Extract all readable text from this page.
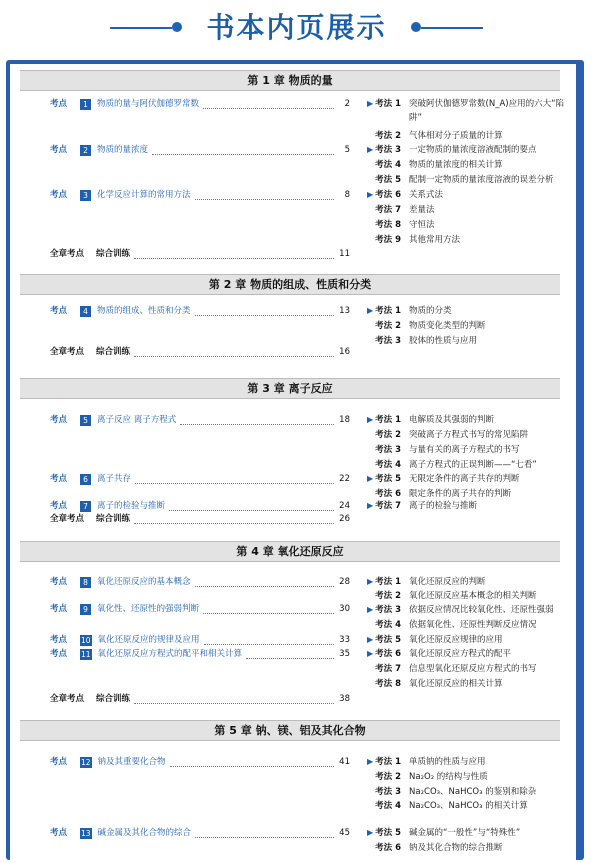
书本内页展示
第 1 章 物质的量
考点	1	物质的量与阿伏伽德罗常数	2
考点	2	物质的量浓度	5
考点	3	化学反应计算的常用方法	8
全章考点 综合训练	11
▶ 考法 1 突破阿伏伽德罗常数(N_A)应用的六大“陷阱”
考法 2 气体相对分子质量的计算
▶ 考法 3 一定物质的量浓度溶液配制的要点
考法 4 物质的量浓度的相关计算
考法 5 配制一定物质的量浓度溶液的误差分析
▶ 考法 6 关系式法
考法 7 差量法
考法 8 守恒法
考法 9 其他常用方法
第 2 章 物质的组成、性质和分类
考点	4	物质的组成、性质和分类	13
全章考点 综合训练	16
▶ 考法 1 物质的分类
考法 2 物质变化类型的判断
考法 3 胶体的性质与应用
第 3 章 离子反应
考点	5	离子反应 离子方程式	18
考点	6	离子共存	22
考点	7	离子的检验与推断	24
全章考点 综合训练	26
▶ 考法 1 电解质及其强弱的判断
考法 2 突破离子方程式书写的常见陷阱
考法 3 与量有关的离子方程式的书写
考法 4 离子方程式的正误判断——“七看”
▶ 考法 5 无限定条件的离子共存的判断
考法 6 限定条件的离子共存的判断
▶ 考法 7 离子的检验与推断
第 4 章 氧化还原反应
考点	8	氧化还原反应的基本概念	28
考点	9	氧化性、还原性的强弱判断	30
考点	10 氧化还原反应的规律及应用	33
考点	11 氧化还原反应方程式的配平和相关计算	35
全章考点 综合训练	38
▶ 考法 1 氧化还原反应的判断
考法 2 氧化还原反应基本概念的相关判断
▶ 考法 3 依据反应情况比较氧化性、还原性强弱
考法 4 依据氧化性、还原性判断反应情况
▶ 考法 5 氧化还原反应规律的应用
▶ 考法 6 氧化还原反应方程式的配平
考法 7 信息型氧化还原反应方程式的书写
考法 8 氧化还原反应的相关计算
第 5 章 钠、镁、铝及其化合物
考点	12 钠及其重要化合物	41
考点	13 碱金属及其化合物的综合	45
▶ 考法 1 单质钠的性质与应用
考法 2 Na₂O₂ 的结构与性质
考法 3 Na₂CO₃、NaHCO₃ 的鉴别和除杂
考法 4 Na₂CO₃、NaHCO₃ 的相关计算
▶ 考法 5 碱金属的“一般性”与“特殊性”
考法 6 钠及其化合物的综合推断
